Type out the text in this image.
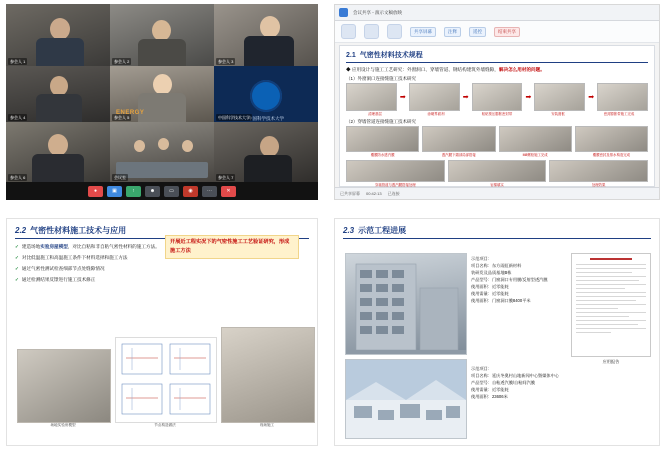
参会人 1	参会人 2	参会人 3
参会人 4
ENERGY
参会人 5	中国科学技术大学
中国科学技术大学
参会人 6	会议室	参会人 7
●	▣	↑	☻	▭	◉	⋯	✕
会议共享 - 演示文稿放映
共享屏幕	注释	遥控	结束共享
2.1 气密性材料技术规程
◆ 应用设计与施工工艺研究：外窗洞口、穿墙管道、钢结构建筑外墙缝隙，解决怎么用材的问题。
（1）外窗洞口连接缝施工技术研究
➡	➡	➡	➡
清理基层	涂刷界面剂	粘贴预压膨胀密封带	安装窗框	密封膨胀带施工完成
（2）穿墙管道连接缝施工技术研究
覆膜防水透汽膜	透汽膜下端部局部搭接	M8螺栓施工完成	覆膜密封及排水构造完成
穿墙管道与透汽膜搭接处理	岩棉填实	处理效果
已共享屏幕 00:42:13 已连接
2.2 气密性材料施工技术与应用
开展近工程实况下的气密性施工工艺验证研究，形成施工方法
✓ 建造场地实验房屋模型，对比自粘和非自粘气密性材料的施工方法。
✓ 对比低温施工和高温施工条件下材料选择和施工方法
✓ 通过气密性测试检查细部节点处缝隙情况
✓ 通过检测结果反馈进行施工技术修正
场地实验房模型	节点构造做法	现场施工
2.3 示范工程进展
示范项目：
项目名称：东方雨虹新材料
装研发及品质基地B栋
产品型号：门窗洞口专用膜/反射型透汽膜
使用面积：近零能耗
使用需量：近零能耗
使用面积：门窗洞口膜8400平米
应用报告
示范项目：
项目名称：延庆冬奥村山地新闻中心暨媒体中心
产品型号：自粘透汽膜/自粘间汽膜
使用需量：近零能耗
使用面积：23606米
